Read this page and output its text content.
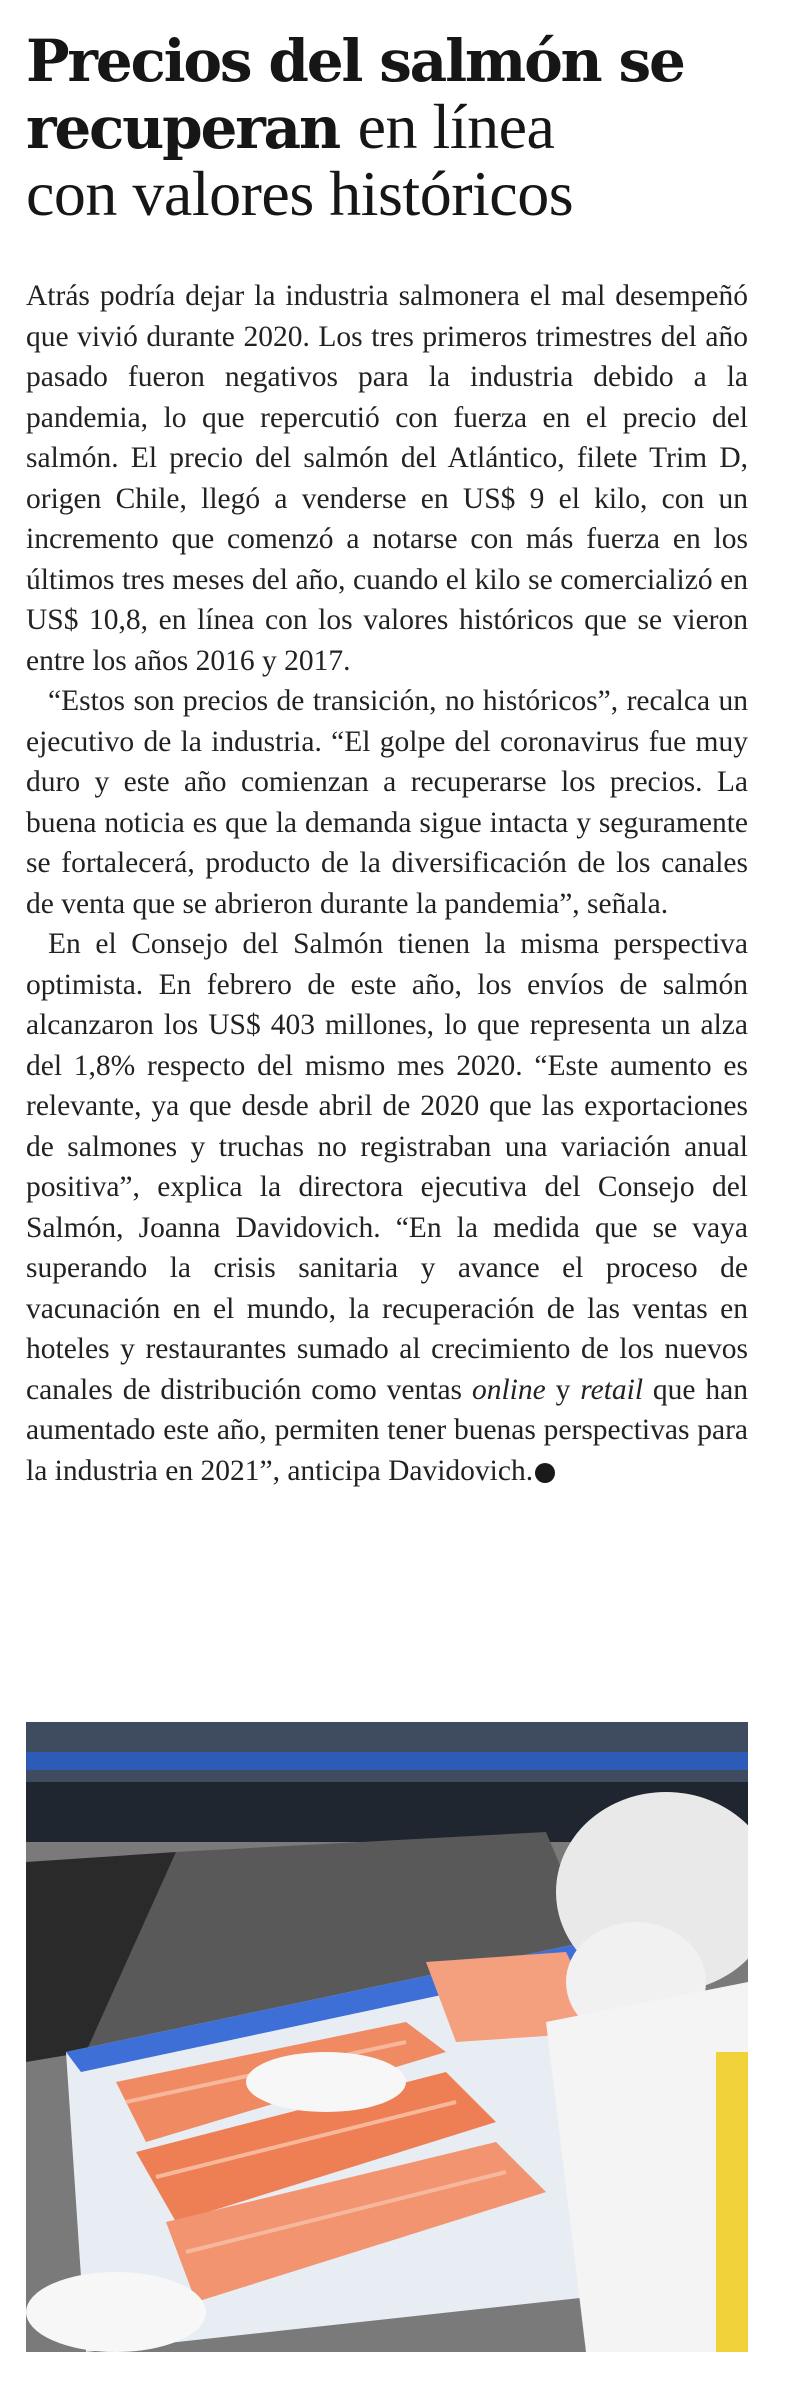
Precios del salmón se
recuperan en línea
con valores históricos

Atrás podría dejar la industria salmonera el mal desempeñó que vivió durante 2020. Los tres primeros trimestres del año pasado fueron negativos para la industria debido a la pandemia, lo que repercutió con fuerza en el precio del salmón. El precio del salmón del Atlántico, filete Trim D, origen Chile, llegó a venderse en US$ 9 el kilo, con un incremento que comenzó a notarse con más fuerza en los últimos tres meses del año, cuando el kilo se comercializó en US$ 10,8, en línea con los valores históricos que se vieron entre los años 2016 y 2017.

“Estos son precios de transición, no históricos”, recalca un ejecutivo de la industria. “El golpe del coronavirus fue muy duro y este año comienzan a recuperarse los precios. La buena noticia es que la demanda sigue intacta y seguramente se fortalecerá, producto de la diversificación de los canales de venta que se abrieron durante la pandemia”, señala.

En el Consejo del Salmón tienen la misma perspectiva optimista. En febrero de este año, los envíos de salmón alcanzaron los US$ 403 millones, lo que representa un alza del 1,8% respecto del mismo mes 2020. “Este aumento es relevante, ya que desde abril de 2020 que las exportaciones de salmones y truchas no registraban una variación anual positiva”, explica la directora ejecutiva del Consejo del Salmón, Joanna Davidovich. “En la medida que se vaya superando la crisis sanitaria y avance el proceso de vacunación en el mundo, la recuperación de las ventas en hoteles y restaurantes sumado al crecimiento de los nuevos canales de distribución como ventas online y retail que han aumentado este año, permiten tener buenas perspectivas para la industria en 2021”, anticipa Davidovich. P
